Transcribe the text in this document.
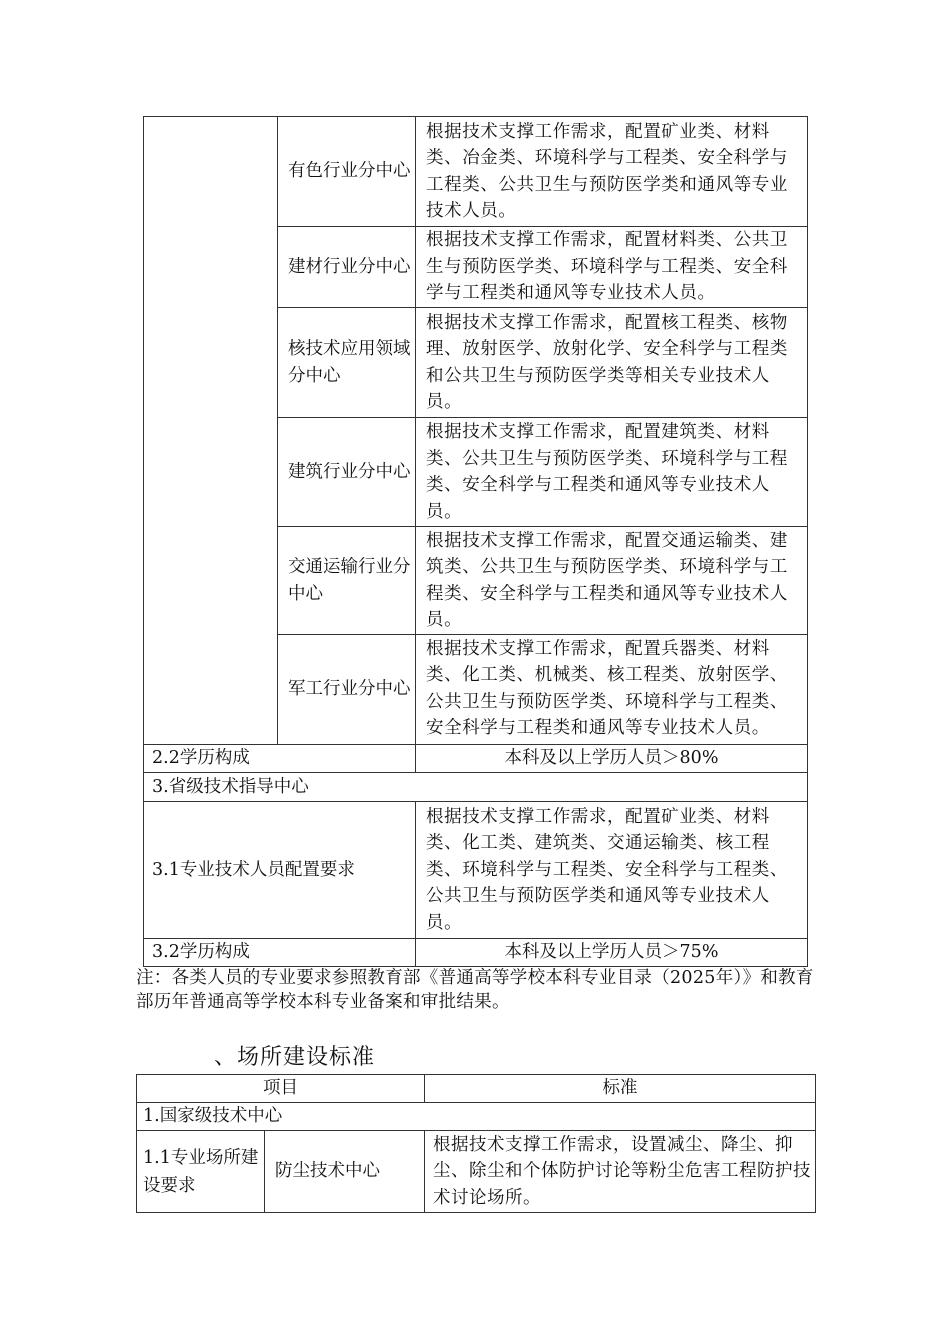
	有色行业分中心	根据技术支撑工作需求，配置矿业类、材料类、冶金类、环境科学与工程类、安全科学与工程类、公共卫生与预防医学类和通风等专业技术人员。

	建材行业分中心	根据技术支撑工作需求，配置材料类、公共卫生与预防医学类、环境科学与工程类、安全科学与工程类和通风等专业技术人员。

	核技术应用领域分中心	根据技术支撑工作需求，配置核工程类、核物理、放射医学、放射化学、安全科学与工程类和公共卫生与预防医学类等相关专业技术人员。

	建筑行业分中心	根据技术支撑工作需求，配置建筑类、材料类、公共卫生与预防医学类、环境科学与工程类、安全科学与工程类和通风等专业技术人员。

	交通运输行业分中心	根据技术支撑工作需求，配置交通运输类、建筑类、公共卫生与预防医学类、环境科学与工程类、安全科学与工程类和通风等专业技术人员。

	军工行业分中心	根据技术支撑工作需求，配置兵器类、材料类、化工类、机械类、核工程类、放射医学、 公共卫生与预防医学类、环境科学与工程类、 安全科学与工程类和通风等专业技术人员。

2.2学历构成		本科及以上学历人员＞80%

3.省级技术指导中心		

3.1专业技术人员配置要求		根据技术支撑工作需求，配置矿业类、材料类、化工类、建筑类、交通运输类、核工程类、环境科学与工程类、安全科学与工程类、 公共卫生与预防医学类和通风等专业技术人 员。

3.2学历构成		本科及以上学历人员＞75%
注：各类人员的专业要求参照教育部《普通高等学校本科专业目录（2025年）》和教育部历年普通高等学校本科专业备案和审批结果。
、场所建设标准
项目		标准

1.国家级技术中心		

1.1专业场所建设要求	防尘技术中心	根据技术支撑工作需求，设置减尘、降尘、抑尘、除尘和个体防护讨论等粉尘危害工程防护技术讨论场所。
